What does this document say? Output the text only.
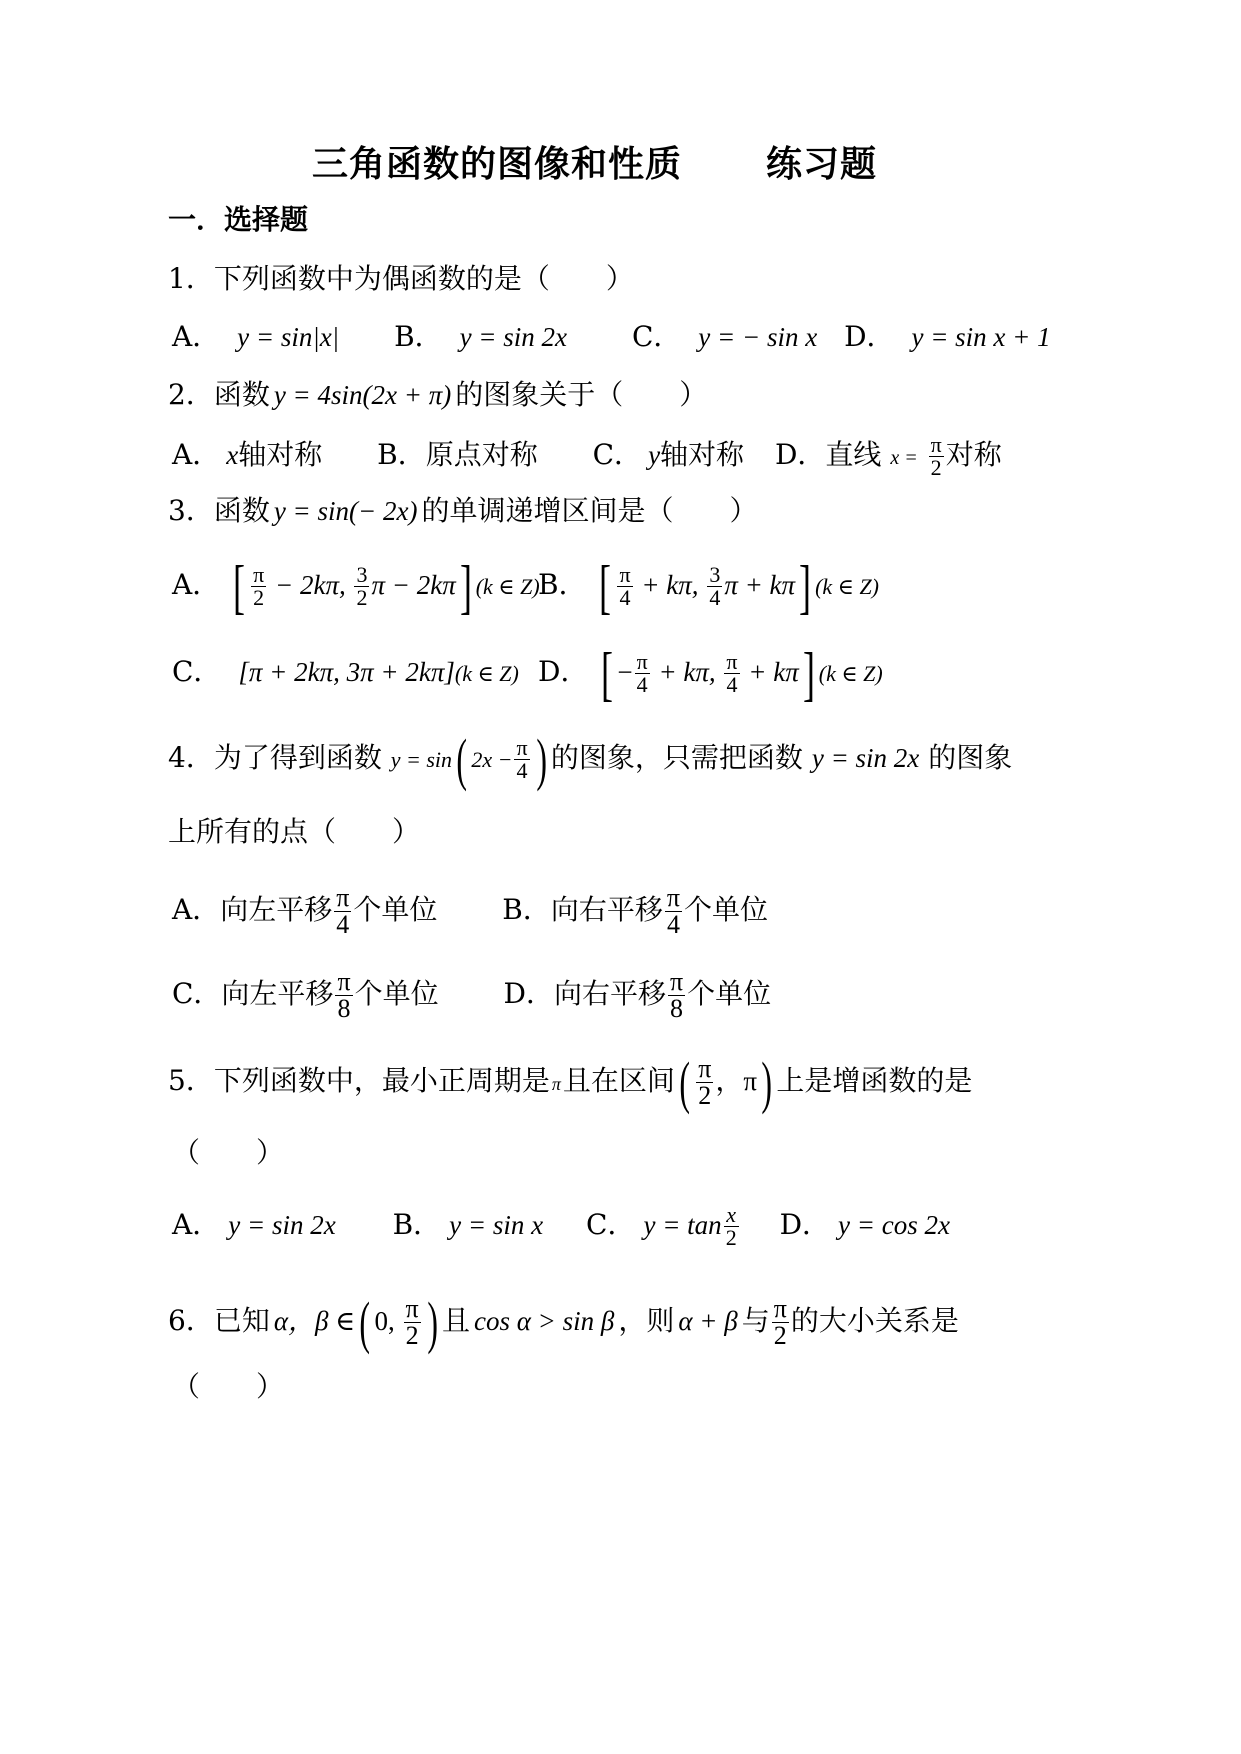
三角函数的图像和性质 练习题
一．选择题
1．下列函数中为偶函数的是（　　）
A． y = sin|x| B． y = sin 2x C． y = − sin x D． y = sin x + 1
2．函数 y = 4sin(2x + π) 的图象关于（　　）
A． x轴对称 B．原点对称 C． y轴对称 D．直线 $x = \frac{\pi}{2}$ 对称
3．函数 y = sin(− 2x) 的单调递增区间是（　　）
A． [ $\frac{\pi}{2} - 2k\pi$, $\frac{3}{2}$ π − 2kπ] (k ∈ Z)
B． [ $\frac{\pi}{4} + k\pi$, $\frac{3}{4}$ π + kπ] (k ∈ Z)
C． [π + 2kπ, 3π + 2kπ](k ∈ Z) D． [ − $\frac{\pi}{4} + k\pi$, $\frac{\pi}{4} + k\pi$] (k ∈ Z)
4．为了得到函数 y = sin( $2x - \frac{\pi}{4}$ ) 的图象，只需把函数 y = sin 2x 的图象
上所有的点（　　）
A．向左平移 $\frac{\pi}{4}$ 个单位 B．向右平移 $\frac{\pi}{4}$ 个单位
C．向左平移 $\frac{\pi}{8}$ 个单位 D．向右平移 $\frac{\pi}{8}$ 个单位
5．下列函数中，最小正周期是 π且在区间( $\frac{\pi}{2}$ ，π) 上是增函数的是
（　　）
A． y = sin 2x B． y = sin x C． $y = \tan \frac{x}{2}$ D． y = cos 2x
6．已知 α，β ∈( 0, $\frac{\pi}{2}$ ) 且 cos α > sin β ，则 α + β 与 $\frac{\pi}{2}$ 的大小关系是
（　　）
